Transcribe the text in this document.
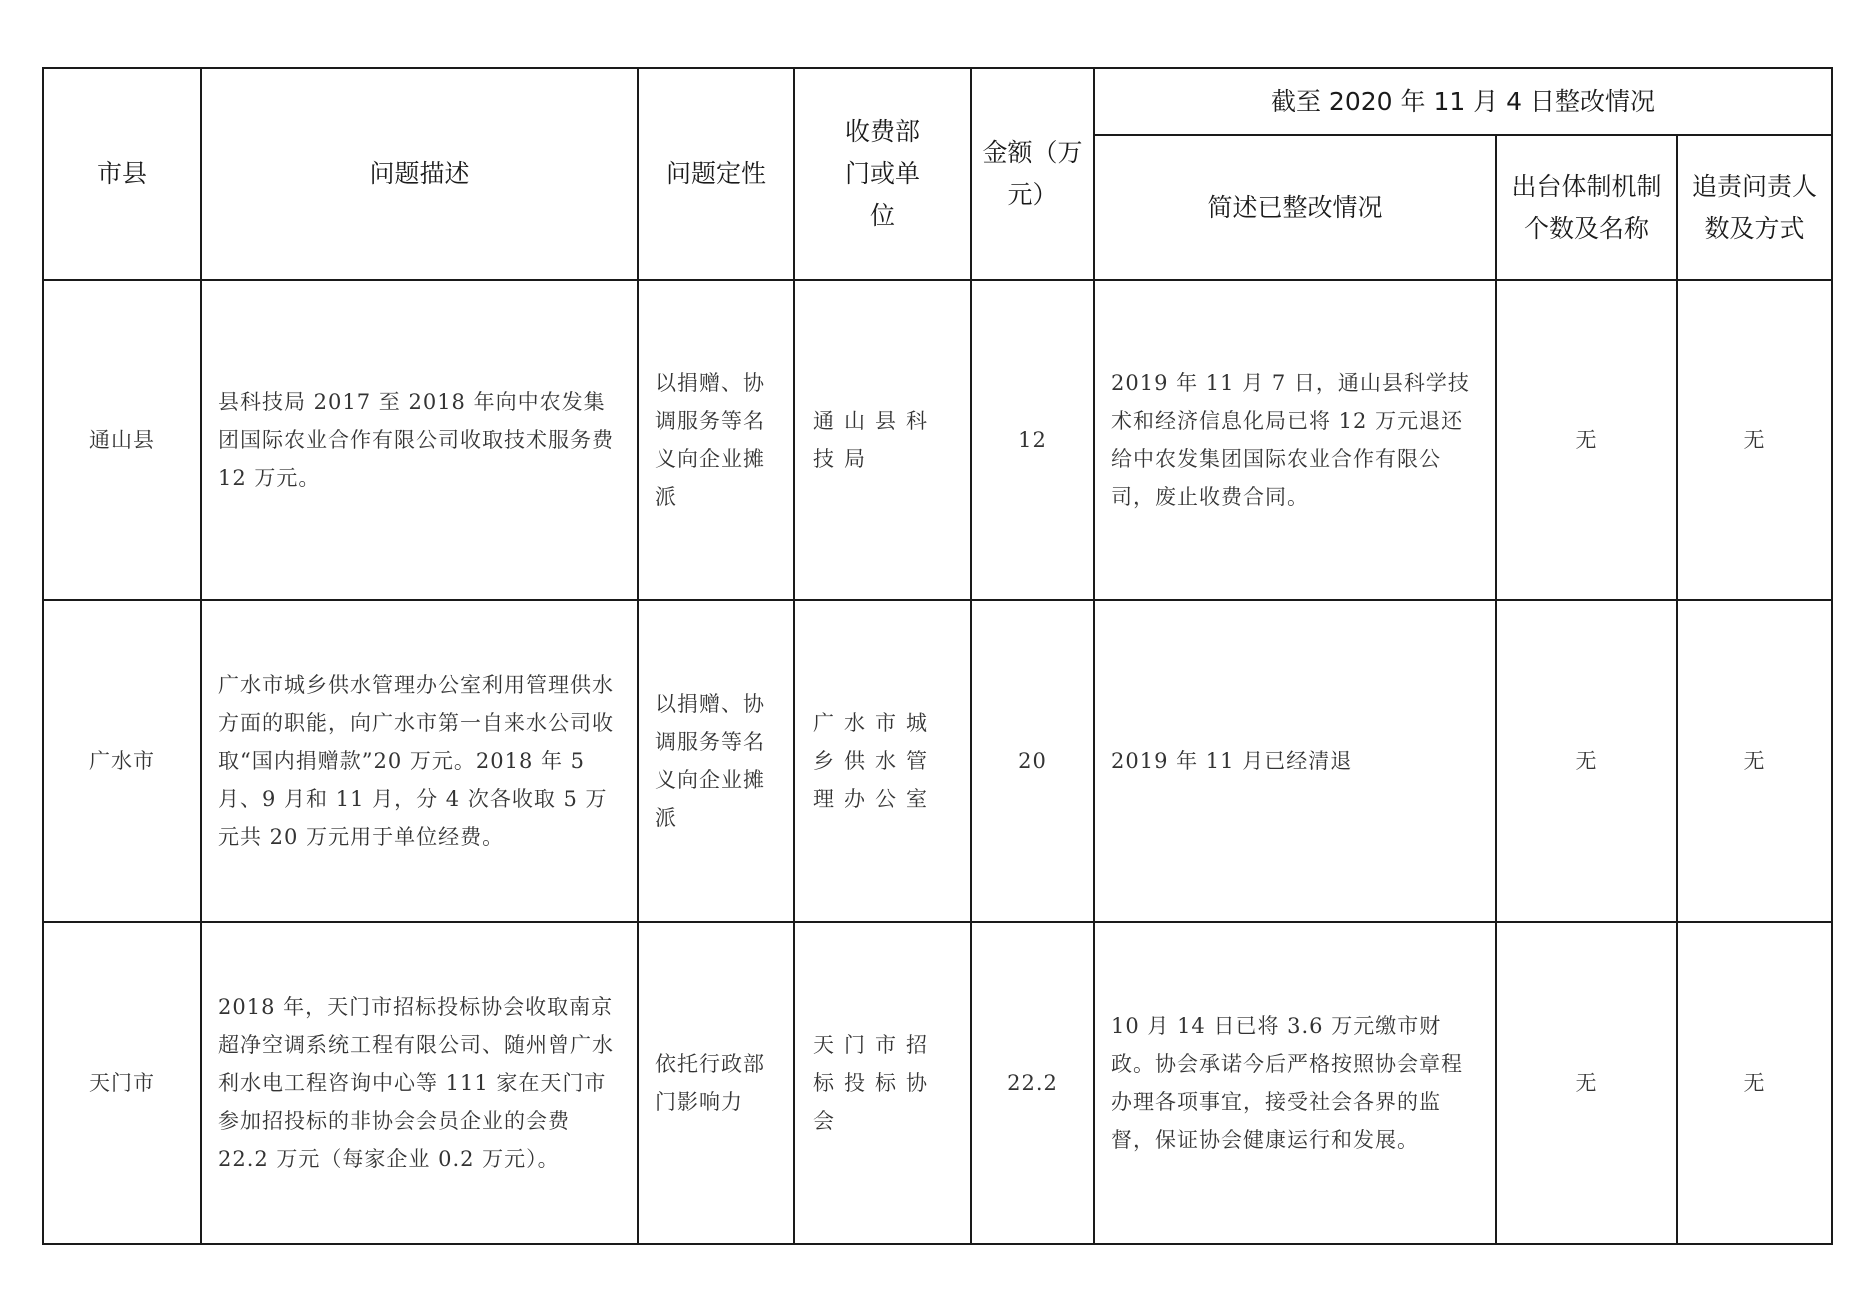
市县	问题描述	问题定性	收费部门或单位	金额（万元）	截至 2020 年 11 月 4 日整改情况		
					简述已整改情况	出台体制机制个数及名称	追责问责人数及方式
通山县	县科技局 2017 至 2018 年向中农发集团国际农业合作有限公司收取技术服务费 12 万元。	以捐赠、协调服务等名义向企业摊派	通山县科技局	12	2019 年 11 月 7 日，通山县科学技术和经济信息化局已将 12 万元退还给中农发集团国际农业合作有限公司，废止收费合同。	无	无
广水市	广水市城乡供水管理办公室利用管理供水方面的职能，向广水市第一自来水公司收取“国内捐赠款”20 万元。2018 年 5 月、9 月和 11 月，分 4 次各收取 5 万元共 20 万元用于单位经费。	以捐赠、协调服务等名义向企业摊派	广水市城乡供水管理办公室	20	2019 年 11 月已经清退	无	无
天门市	2018 年，天门市招标投标协会收取南京超净空调系统工程有限公司、随州曾广水利水电工程咨询中心等 111 家在天门市参加招投标的非协会会员企业的会费 22.2 万元（每家企业 0.2 万元）。	依托行政部门影响力	天门市招标投标协会	22.2	10 月 14 日已将 3.6 万元缴市财政。协会承诺今后严格按照协会章程办理各项事宜，接受社会各界的监督，保证协会健康运行和发展。	无	无
